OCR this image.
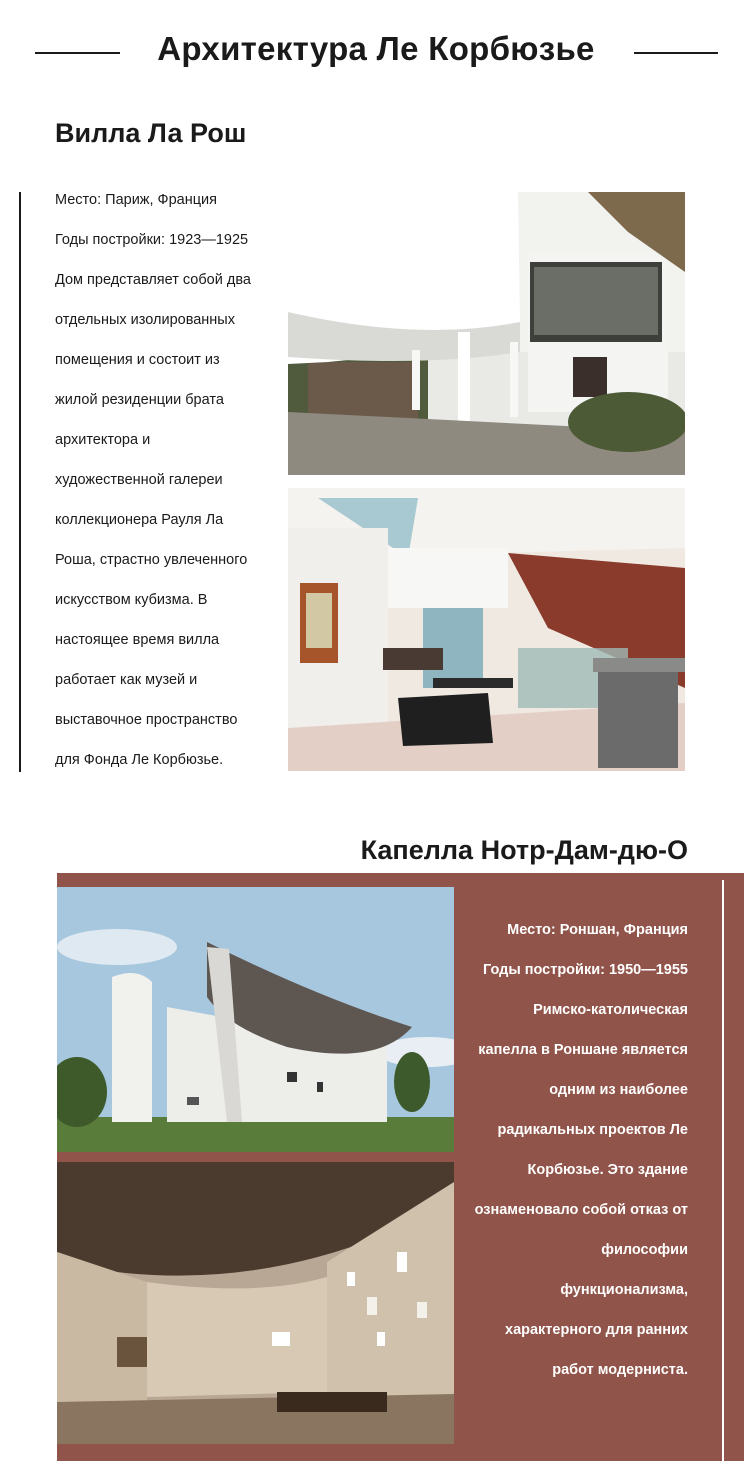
Архитектура Ле Корбюзье
Вилла Ла Рош

Место: Париж, Франция

Годы постройки: 1923—1925

Дом представляет собой два

отдельных изолированных

помещения и состоит из

жилой резиденции брата

архитектора и

художественной галереи

коллекционера Рауля Ла

Роша, страстно увлеченного

искусством кубизма. В

настоящее время вилла

работает как музей и

выставочное пространство

для Фонда Ле Корбюзье.

Капелла Нотр-Дам-дю-О

Место: Роншан, Франция

Годы постройки: 1950—1955

Римско-католическая

капелла в Роншане является

одним из наиболее

радикальных проектов Ле

Корбюзье. Это здание

ознаменовало собой отказ от

философии

функционализма,

характерного для ранних

работ модерниста.
